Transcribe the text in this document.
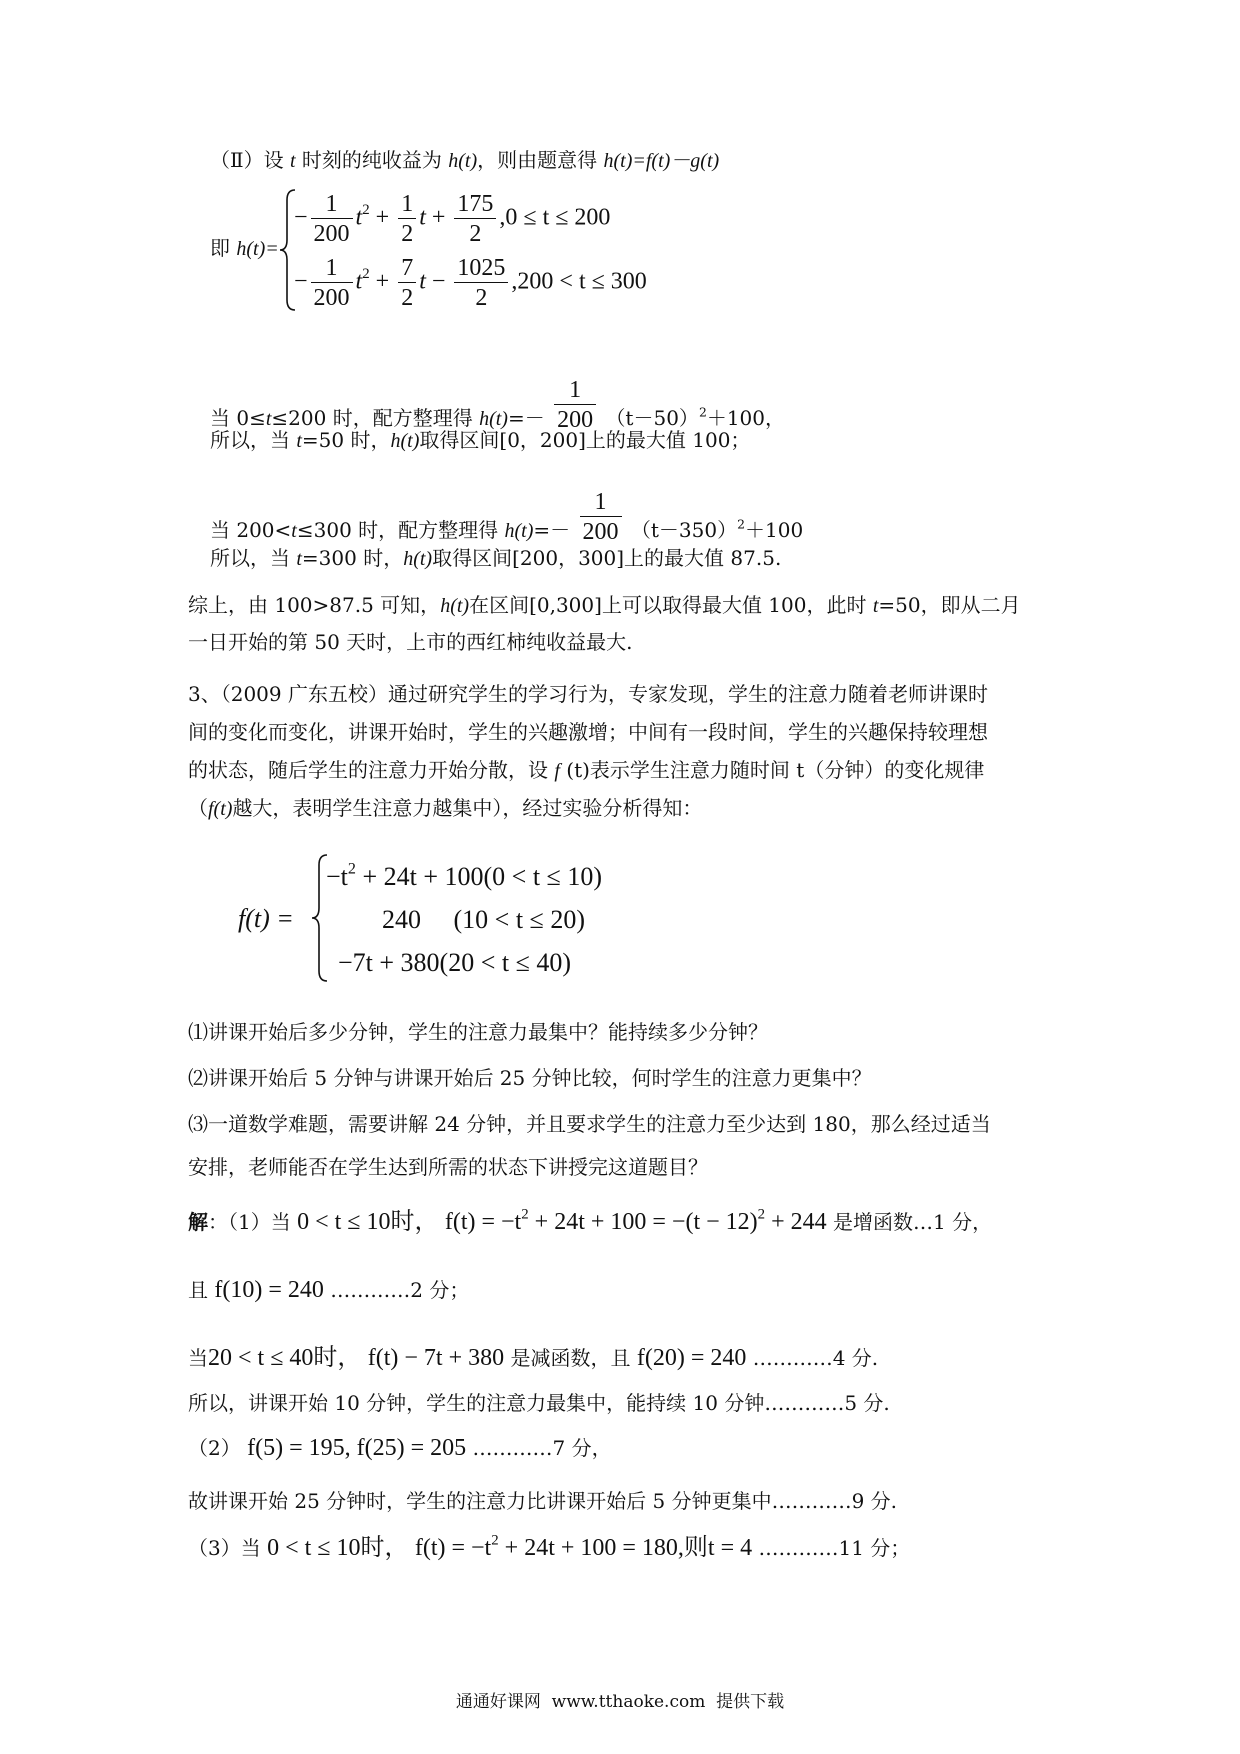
（Ⅱ）设 t 时刻的纯收益为 h(t)，则由题意得 h(t)=f(t)－g(t)
即 h(t)=
− $\frac{1}{200} t^2 + \frac{1}{2}$ $t + \frac{175}{2} ,0 \le t \le 200$
− $\frac{1}{200} t^2 + \frac{7}{2}$ $t - \frac{1025}{2} ,200 < t \le 300$
当 0≤t≤200 时，配方整理得 $h(t)=- \frac{1}{200} (t-50)^2+100$，
所以，当 t=50 时，h(t)取得区间[0，200]上的最大值 100；
当 200<t≤300 时，配方整理得 $h(t)=- \frac{1}{200} (t-350)^2+100$
所以，当 t=300 时，h(t)取得区间[200，300]上的最大值 87.5.
综上，由 100>87.5 可知，h(t)在区间[0,300]上可以取得最大值 100，此时 t=50，即从二月
一日开始的第 50 天时，上市的西红柿纯收益最大.
3、（2009 广东五校）通过研究学生的学习行为，专家发现，学生的注意力随着老师讲课时
间的变化而变化，讲课开始时，学生的兴趣激增；中间有一段时间，学生的兴趣保持较理想
的状态，随后学生的注意力开始分散，设 f (t)表示学生注意力随时间 t（分钟）的变化规律
（f(t)越大，表明学生注意力越集中），经过实验分析得知：
f(t) =
$-t^2 + 24t + 100(0 < t \le 10)$
240　 (10 < t ≤ 20)
−7t + 380(20 < t ≤ 40)
⑴讲课开始后多少分钟，学生的注意力最集中？能持续多少分钟？
⑵讲课开始后 5 分钟与讲课开始后 25 分钟比较，何时学生的注意力更集中？
⑶一道数学难题，需要讲解 24 分钟，并且要求学生的注意力至少达到 180，那么经过适当
安排，老师能否在学生达到所需的状态下讲授完这道题目？
解：（1）当 0 < t ≤ 10时， $f(t) = -t^2 + 24t + 100 = -(t - 12)^2 + 244$ 是增函数…1 分，
且 f(10) = 240 …………2 分；
当20 < t ≤ 40时， f(t) − 7t + 380 是减函数，且 f(20) = 240 …………4 分.
所以，讲课开始 10 分钟，学生的注意力最集中，能持续 10 分钟…………5 分.
（2） f(5) = 195, f(25) = 205 …………7 分，
故讲课开始 25 分钟时，学生的注意力比讲课开始后 5 分钟更集中…………9 分.
（3）当 0 < t ≤ 10时， $f(t) = -t^2 + 24t + 100 = 180$,则t = 4 …………11 分；
通通好课网  www.tthaoke.com  提供下载
